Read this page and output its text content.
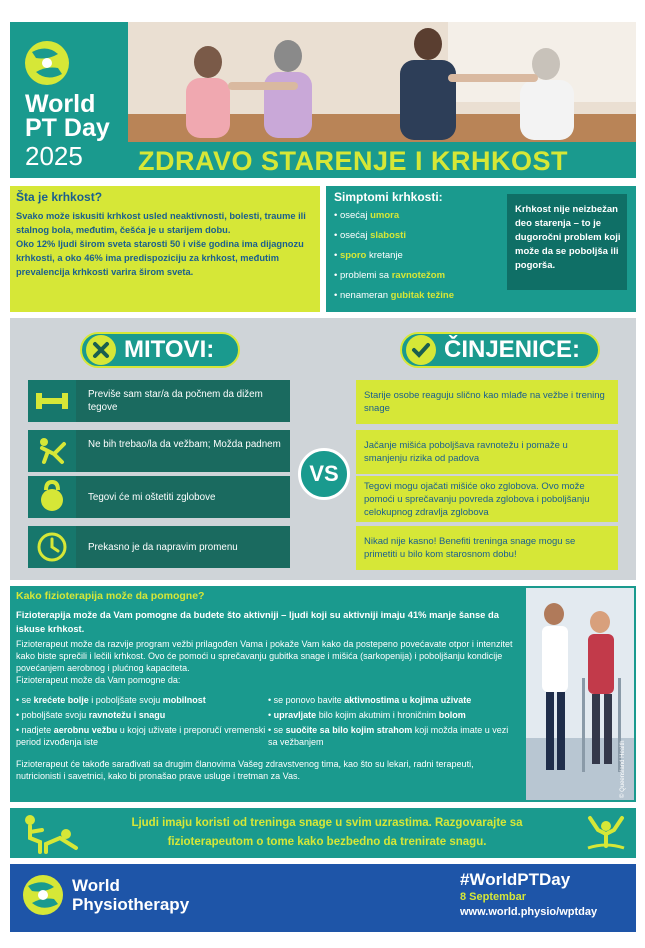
World
PT Day
2025 ZDRAVO STARENJE I KRHKOST
Šta je krhkost?

Svako može iskusiti krhkost usled neaktivnosti, bolesti, traume ili stalnog bola, međutim, češća je u starijem dobu.

Oko 12% ljudi širom sveta starosti 50 i više godina ima dijagnozu krhkosti, a oko 46% ima predispoziciju za krhkost, međutim prevalencija krhkosti varira širom sveta.

Simptomi krhkosti:
• osećaj umora
• osećaj slabosti
• sporo kretanje
• problemi sa ravnotežom
• nenameran gubitak težine
Krhkost nije neizbežan deo starenja – to je dugoročni problem koji može da se poboljša ili pogorša.
MITOVI:	ČINJENICE:
Previše sam star/a da počnem da dižem tegove
Ne bih trebao/la da vežbam; Možda padnem
Tegovi će mi oštetiti zglobove
Prekasno je da napravim promenu
VS
Starije osobe reaguju slično kao mlađe na vežbe i trening snage
Jačanje mišića poboljšava ravnotežu i pomaže u smanjenju rizika od padova
Tegovi mogu ojačati mišiće oko zglobova. Ovo može pomoći u sprečavanju povreda zglobova i poboljšanju celokupnog zdravlja zglobova
Nikad nije kasno! Benefiti treninga snage mogu se primetiti u bilo kom starosnom dobu!
Kako fizioterapija može da pomogne?
Fizioterapija može da Vam pomogne da budete što aktivniji – ljudi koji su aktivniji imaju 41% manje šanse da iskuse krhkost.

Fizioterapeut može da razvije program vežbi prilagođen Vama i pokaže Vam kako da postepeno povećavate otpor i intenzitet kako biste sprečili i lečili krhkost. Ovo će pomoći u sprečavanju gubitka snage i mišića (sarkopenija) i poboljšanju kondicije povećanjem aerobnog i plućnog kapaciteta.

Fizioterapeut može da Vam pomogne da:

• se krećete bolje i poboljšate svoju mobilnost
• poboljšate svoju ravnotežu i snagu
• nadjete aerobnu vežbu u kojoj uživate i preporučí vremenski period izvođenja iste
• se ponovo bavite aktivnostima u kojima uživate
• upravljate bilo kojim akutnim i hroničnim bolom
• se suočite sa bilo kojim strahom koji možda imate u vezi sa vežbanjem
Fizioterapeut će takođe sarađivati sa drugim članovima Vašeg zdravstvenog tima, kao što su lekari, radni terapeuti, nutricionisti i savetnici, kako bi pronašao prave usluge i tretman za Vas.	© Queensland Health
Ljudi imaju koristi od treninga snage u svim uzrastima. Razgovarajte sa fizioterapeutom o tome kako bezbedno da trenirate snagu.
World
Physiotherapy
#WorldPTDay
8 Septembar
www.world.physio/wptday
